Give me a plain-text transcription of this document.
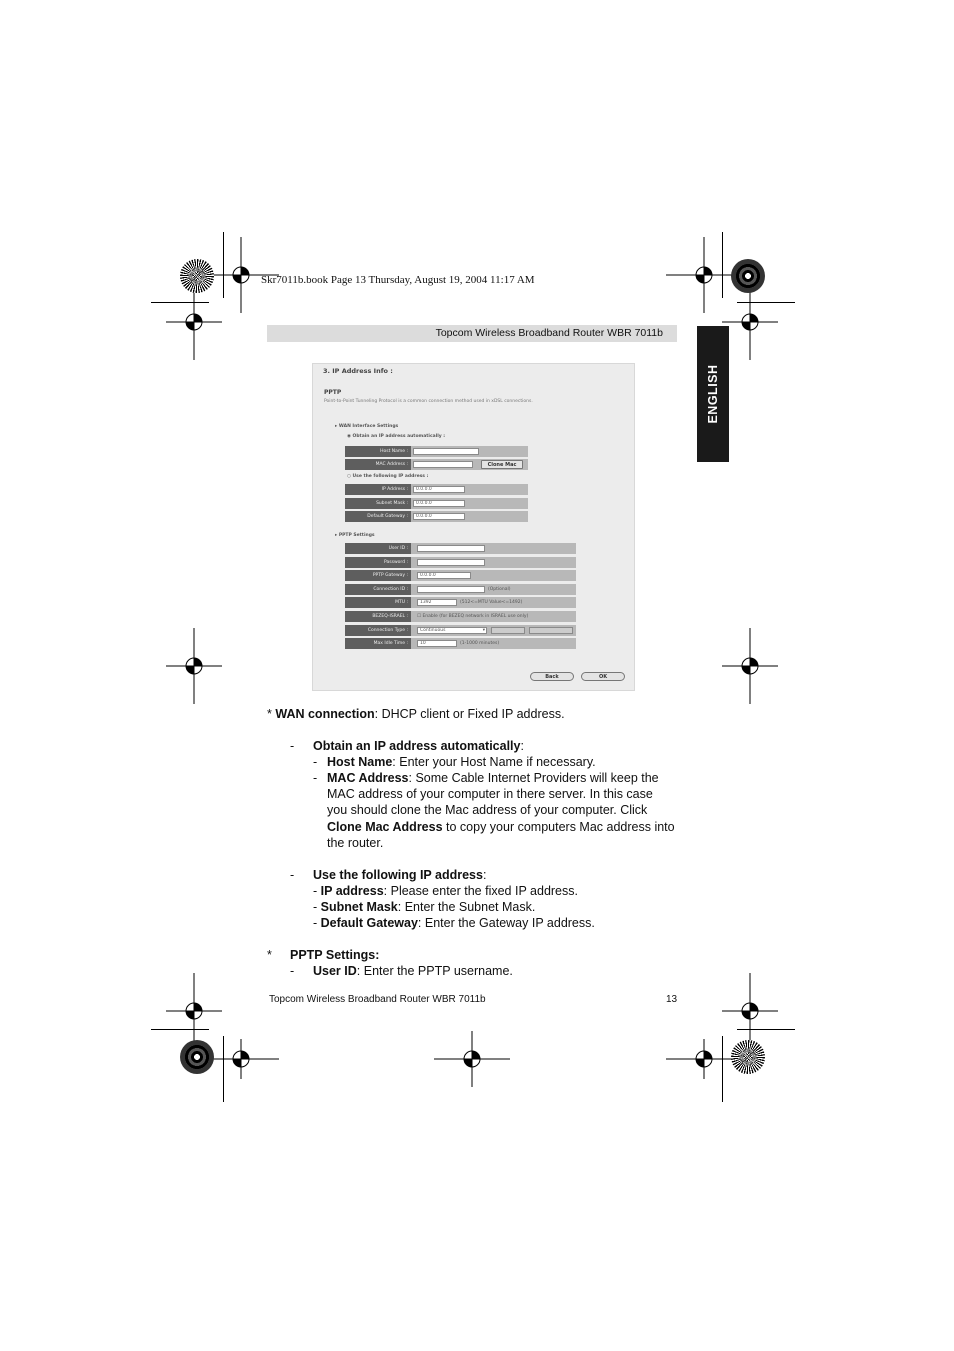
Skr7011b.book Page 13 Thursday, August 19, 2004 11:17 AM
Topcom Wireless Broadband Router WBR 7011b
ENGLISH
3. IP Address Info :
PPTP
Point-to-Point Tunneling Protocol is a common connection method used in xDSL connections.
▸ WAN Interface Settings
◉ Obtain an IP address automatically :
Host Name :
MAC Address :	Clone Mac
○ Use the following IP address :
IP Address :	0.0.0.0
Subnet Mask :	0.0.0.0
Default Gateway :	0.0.0.0
▸ PPTP Settings
User ID :
Password :
PPTP Gateway :	0.0.0.0
Connection ID :	(Optional)
MTU :	1392	(512<=MTU Value<=1492)
BEZEQ-ISRAEL :	☐ Enable (for BEZEQ network in ISRAEL use only)
Connection Type :	Continuous	▾
Max Idle Time :	10	(1-1000 minutes)
Back	OK
* WAN connection: DHCP client or Fixed IP address.
- Obtain an IP address automatically:
- Host Name: Enter your Host Name if necessary.
- MAC Address: Some Cable Internet Providers will keep the
MAC address of your computer in there server. In this case
you should clone the Mac address of your computer. Click
Clone Mac Address to copy your computers Mac address into
the router.
- Use the following IP address:
- IP address: Please enter the fixed IP address.
- Subnet Mask: Enter the Subnet Mask.
- Default Gateway: Enter the Gateway IP address.
* PPTP Settings:
- User ID: Enter the PPTP username.
Topcom Wireless Broadband Router WBR 7011b	13
